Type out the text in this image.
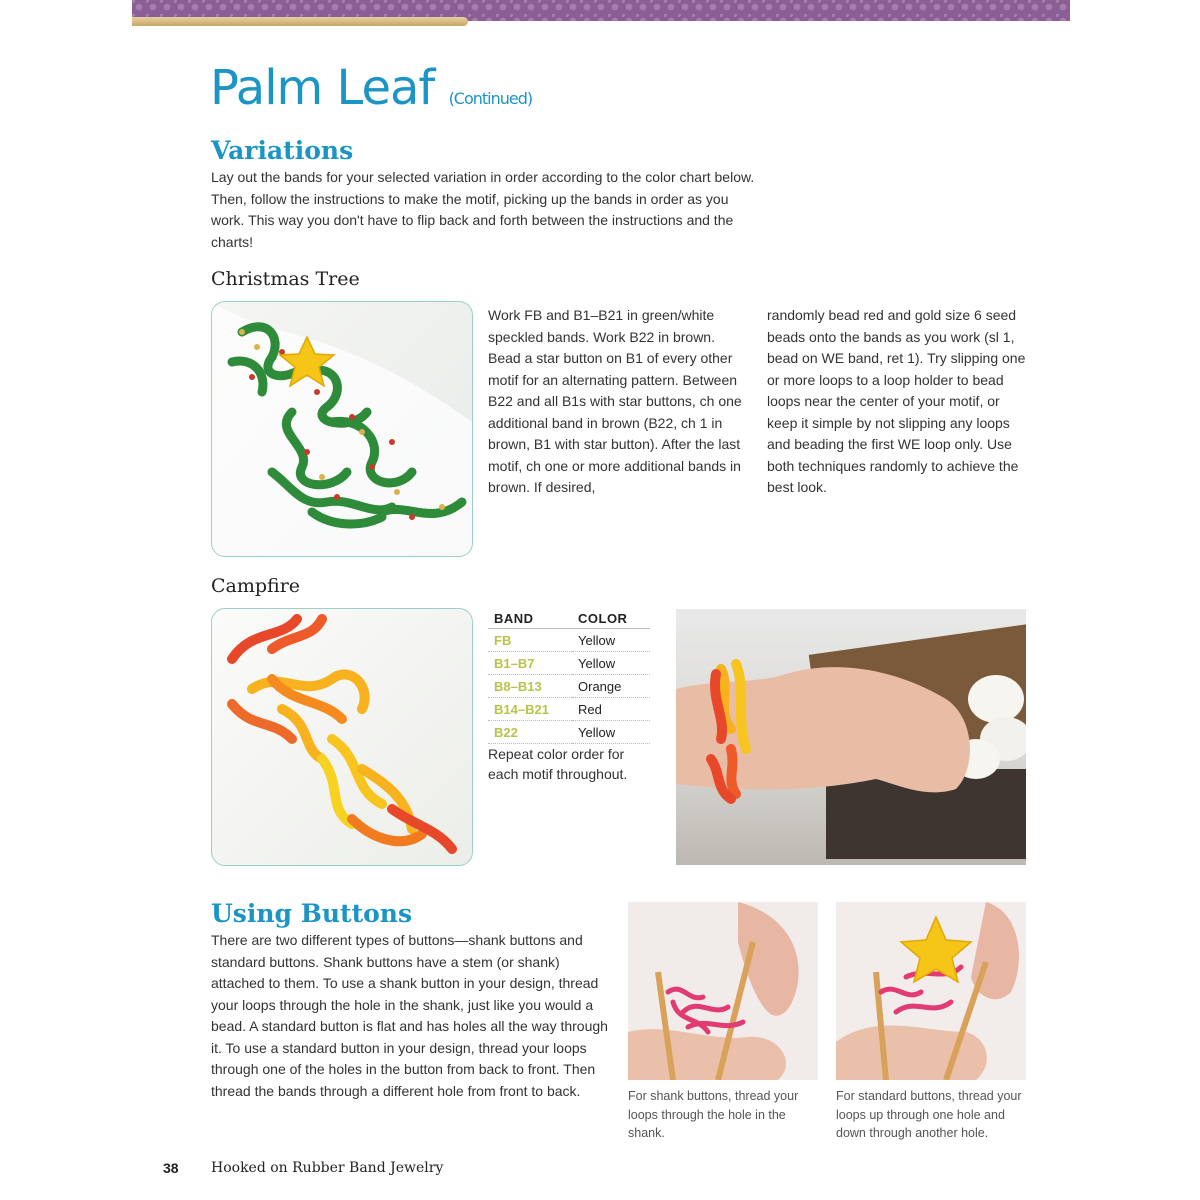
Palm Leaf (Continued)
Variations
Lay out the bands for your selected variation in order according to the color chart below. Then, follow the instructions to make the motif, picking up the bands in order as you work. This way you don't have to flip back and forth between the instructions and the charts!
Christmas Tree
Work FB and B1–B21 in green/white speckled bands. Work B22 in brown. Bead a star button on B1 of every other motif for an alternating pattern. Between B22 and all B1s with star buttons, ch one additional band in brown (B22, ch 1 in brown, B1 with star button). After the last motif, ch one or more additional bands in brown. If desired,
randomly bead red and gold size 6 seed beads onto the bands as you work (sl 1, bead on WE band, ret 1). Try slipping one or more loops to a loop holder to bead loops near the center of your motif, or keep it simple by not slipping any loops and beading the first WE loop only. Use both techniques randomly to achieve the best look.
Campfire
BAND	COLOR
FB	Yellow
B1–B7	Yellow
B8–B13	Orange
B14–B21	Red
B22	Yellow
Repeat color order for each motif throughout.
Using Buttons
There are two different types of buttons—shank buttons and standard buttons. Shank buttons have a stem (or shank) attached to them. To use a shank button in your design, thread your loops through the hole in the shank, just like you would a bead. A standard button is flat and has holes all the way through it. To use a standard button in your design, thread your loops through one of the holes in the button from back to front. Then thread the bands through a different hole from front to back.	For shank buttons, thread your loops through the hole in the shank.
For standard buttons, thread your loops up through one hole and down through another hole.
38 Hooked on Rubber Band Jewelry
